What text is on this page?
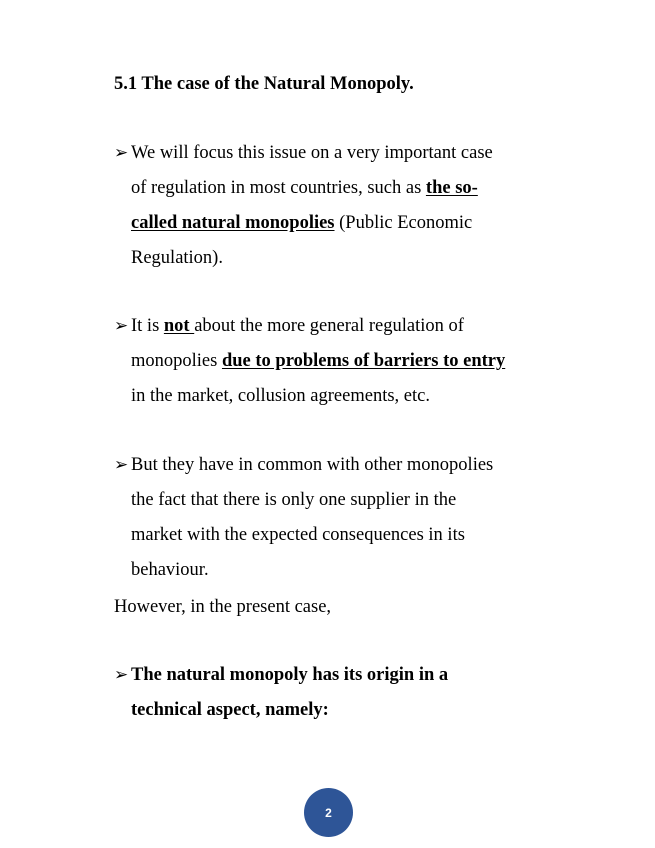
5.1 The case of the Natural Monopoly.
➢ We will focus this issue on a very important case
of regulation in most countries, such as the so-
called natural monopolies (Public Economic
Regulation).
➢ It is not about the more general regulation of
monopolies due to problems of barriers to entry
in the market, collusion agreements, etc.
➢ But they have in common with other monopolies
the fact that there is only one supplier in the
market with the expected consequences in its
behaviour.
However, in the present case,
➢ The natural monopoly has its origin in a
technical aspect, namely:
2
